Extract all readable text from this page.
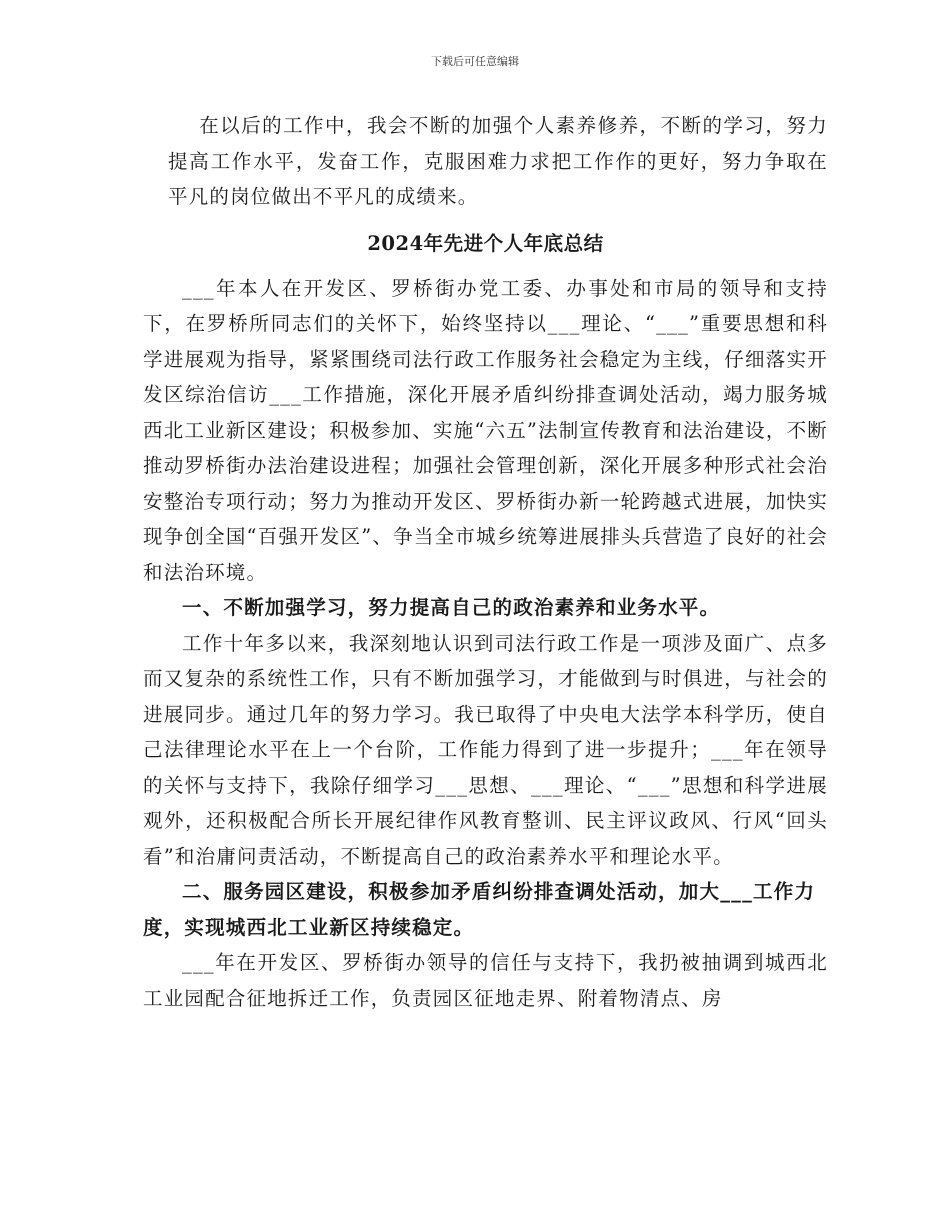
下载后可任意编辑

在以后的工作中，我会不断的加强个人素养修养，不断的学习，努力提高工作水平，发奋工作，克服困难力求把工作作的更好，努力争取在平凡的岗位做出不平凡的成绩来。

2024年先进个人年底总结

___年本人在开发区、罗桥街办党工委、办事处和市局的领导和支持下，在罗桥所同志们的关怀下，始终坚持以___理论、“___”重要思想和科学进展观为指导，紧紧围绕司法行政工作服务社会稳定为主线，仔细落实开发区综治信访___工作措施，深化开展矛盾纠纷排查调处活动，竭力服务城西北工业新区建设；积极参加、实施“六五”法制宣传教育和法治建设，不断推动罗桥街办法治建设进程；加强社会管理创新，深化开展多种形式社会治安整治专项行动；努力为推动开发区、罗桥街办新一轮跨越式进展，加快实现争创全国“百强开发区”、争当全市城乡统筹进展排头兵营造了良好的社会和法治环境。

一、不断加强学习，努力提高自己的政治素养和业务水平。

工作十年多以来，我深刻地认识到司法行政工作是一项涉及面广、点多而又复杂的系统性工作，只有不断加强学习，才能做到与时俱进，与社会的进展同步。通过几年的努力学习。我已取得了中央电大法学本科学历，使自己法律理论水平在上一个台阶，工作能力得到了进一步提升；___年在领导的关怀与支持下，我除仔细学习___思想、___理论、“___”思想和科学进展观外，还积极配合所长开展纪律作风教育整训、民主评议政风、行风“回头看”和治庸问责活动，不断提高自己的政治素养水平和理论水平。

二、服务园区建设，积极参加矛盾纠纷排查调处活动，加大___工作力度，实现城西北工业新区持续稳定。

___年在开发区、罗桥街办领导的信任与支持下，我扔被抽调到城西北工业园配合征地拆迁工作，负责园区征地走界、附着物清点、房
